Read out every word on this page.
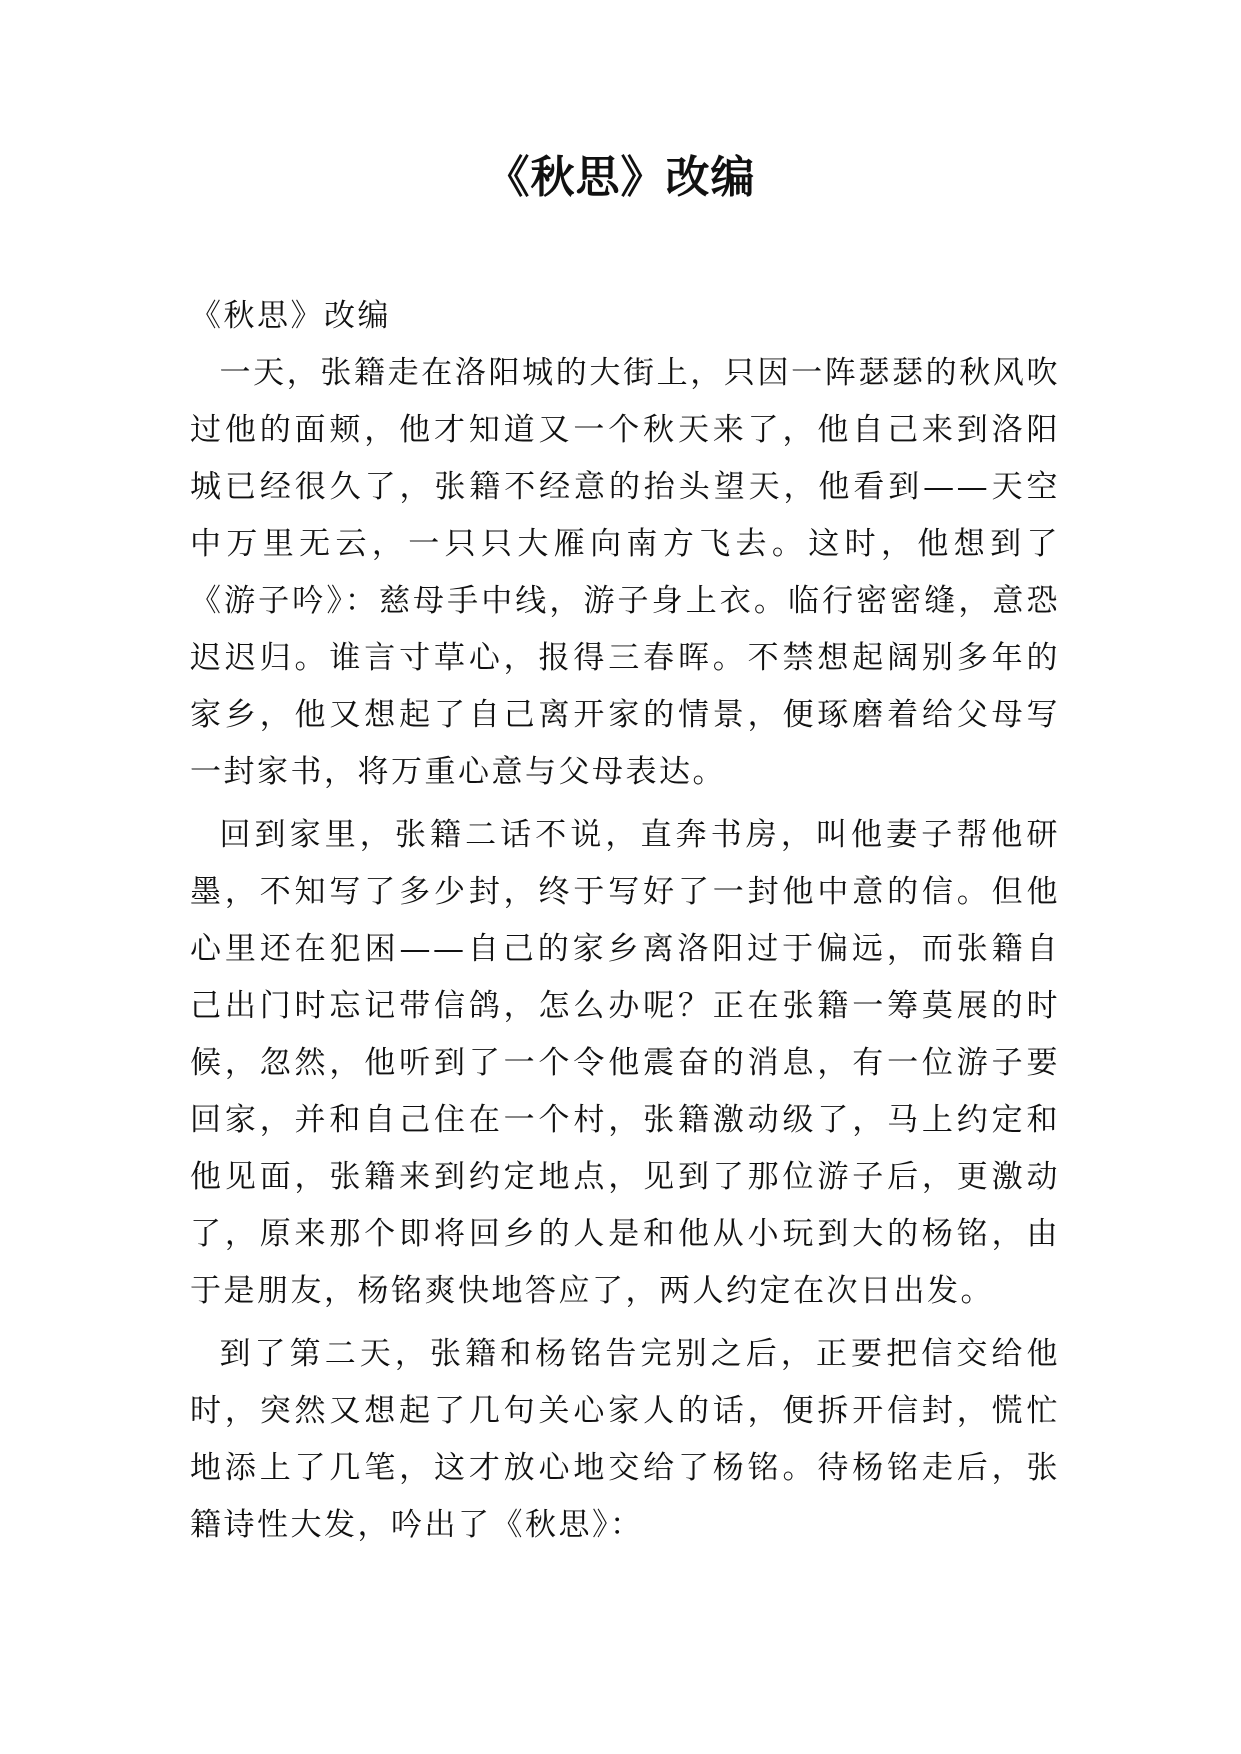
《秋思》改编

《秋思》改编

一天，张籍走在洛阳城的大街上，只因一阵瑟瑟的秋风吹过他的面颊，他才知道又一个秋天来了，他自己来到洛阳城已经很久了，张籍不经意的抬头望天，他看到——天空中万里无云，一只只大雁向南方飞去。这时，他想到了《游子吟》：慈母手中线，游子身上衣。临行密密缝，意恐迟迟归。谁言寸草心，报得三春晖。不禁想起阔别多年的家乡，他又想起了自己离开家的情景，便琢磨着给父母写一封家书，将万重心意与父母表达。

回到家里，张籍二话不说，直奔书房，叫他妻子帮他研墨，不知写了多少封，终于写好了一封他中意的信。但他心里还在犯困——自己的家乡离洛阳过于偏远，而张籍自己出门时忘记带信鸽，怎么办呢？正在张籍一筹莫展的时候，忽然，他听到了一个令他震奋的消息，有一位游子要回家，并和自己住在一个村，张籍激动级了，马上约定和他见面，张籍来到约定地点，见到了那位游子后，更激动了，原来那个即将回乡的人是和他从小玩到大的杨铭，由于是朋友，杨铭爽快地答应了，两人约定在次日出发。

到了第二天，张籍和杨铭告完别之后，正要把信交给他时，突然又想起了几句关心家人的话，便拆开信封，慌忙地添上了几笔，这才放心地交给了杨铭。待杨铭走后，张籍诗性大发，吟出了《秋思》：
